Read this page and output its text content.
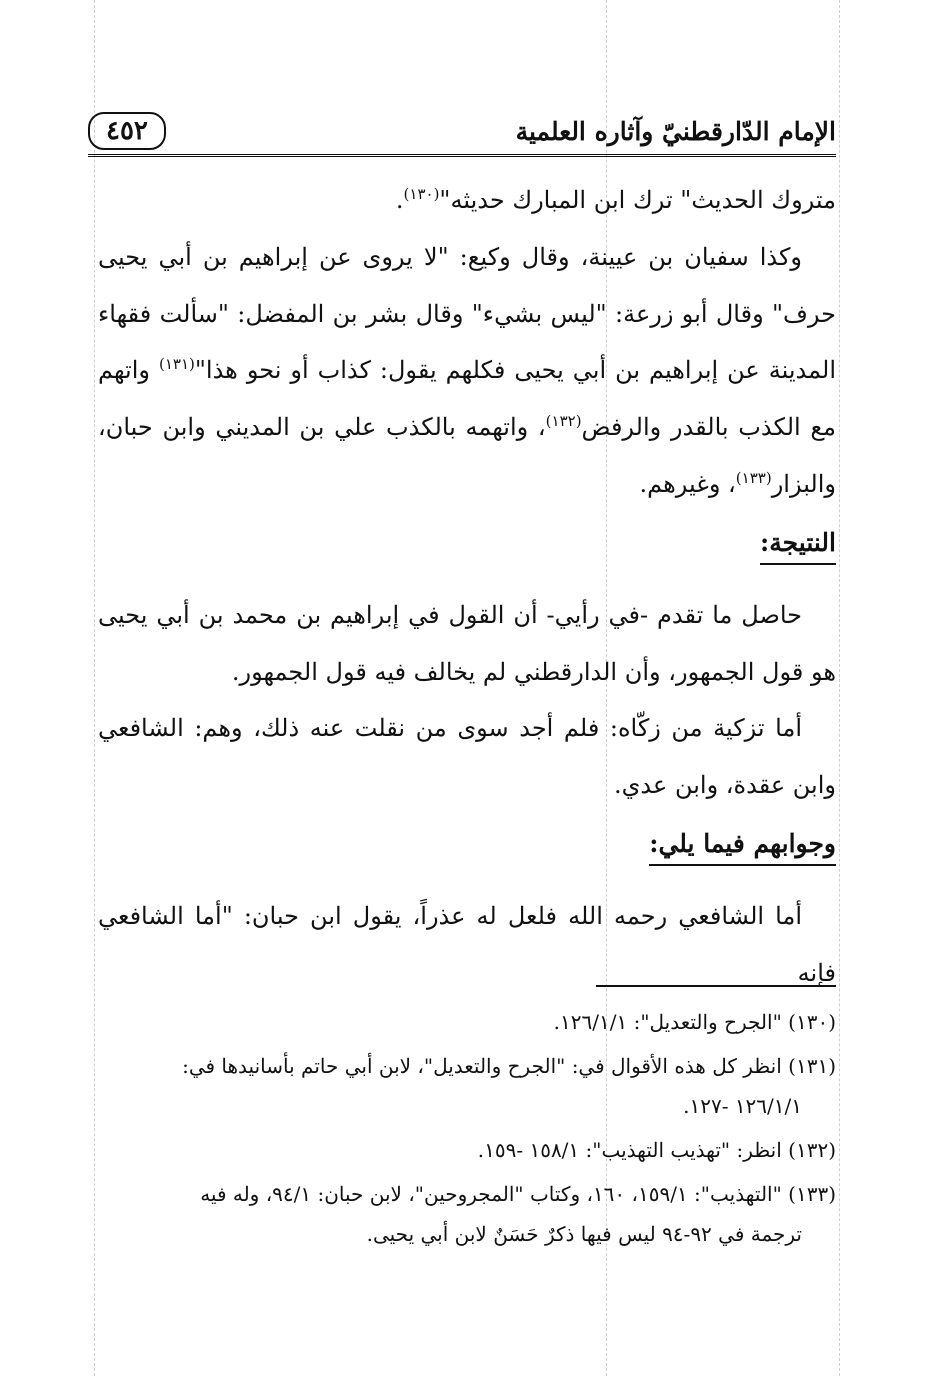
الإمام الدّارقطنيّ وآثاره العلمية
٤٥٢

متروك الحديث" ترك ابن المبارك حديثه"$^{(١٣٠)}$.

وكذا سفيان بن عيينة، وقال وكيع: "لا يروى عن إبراهيم بن أبي يحيى حرف" وقال أبو زرعة: "ليس بشيء" وقال بشر بن المفضل: "سألت فقهاء المدينة عن إبراهيم بن أبي يحيى فكلهم يقول: كذاب أو نحو هذا"$^{(١٣١)}$ واتهم مع الكذب بالقدر والرفض$^{(١٣٢)}$، واتهمه بالكذب علي بن المديني وابن حبان، والبزار$^{(١٣٣)}$، وغيرهم.

النتيجة:

حاصل ما تقدم -في رأيي- أن القول في إبراهيم بن محمد بن أبي يحيى هو قول الجمهور، وأن الدارقطني لم يخالف فيه قول الجمهور.

أما تزكية من زكّاه: فلم أجد سوى من نقلت عنه ذلك، وهم: الشافعي وابن عقدة، وابن عدي.

وجوابهم فيما يلي:

أما الشافعي رحمه الله فلعل له عذراً، يقول ابن حبان: "أما الشافعي فإنه

(١٣٠) "الجرح والتعديل": ١٢٦/١/١.

(١٣١) انظر كل هذه الأقوال في: "الجرح والتعديل"، لابن أبي حاتم بأسانيدها في:
١٢٦/١/١ -١٢٧.

(١٣٢) انظر: "تهذيب التهذيب": ١٥٨/١ -١٥٩.

(١٣٣) "التهذيب": ١٥٩/١، ١٦٠، وكتاب "المجروحين"، لابن حبان: ٩٤/١، وله فيه
ترجمة في ٩٢-٩٤ ليس فيها ذكرٌ حَسَنٌ لابن أبي يحيى.
